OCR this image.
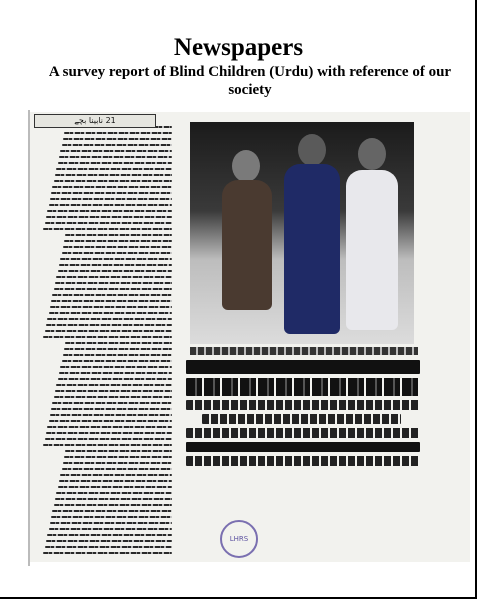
Newspapers
A survey report of Blind Children (Urdu) with reference of our society
21 نابینا بچے
LHRS
